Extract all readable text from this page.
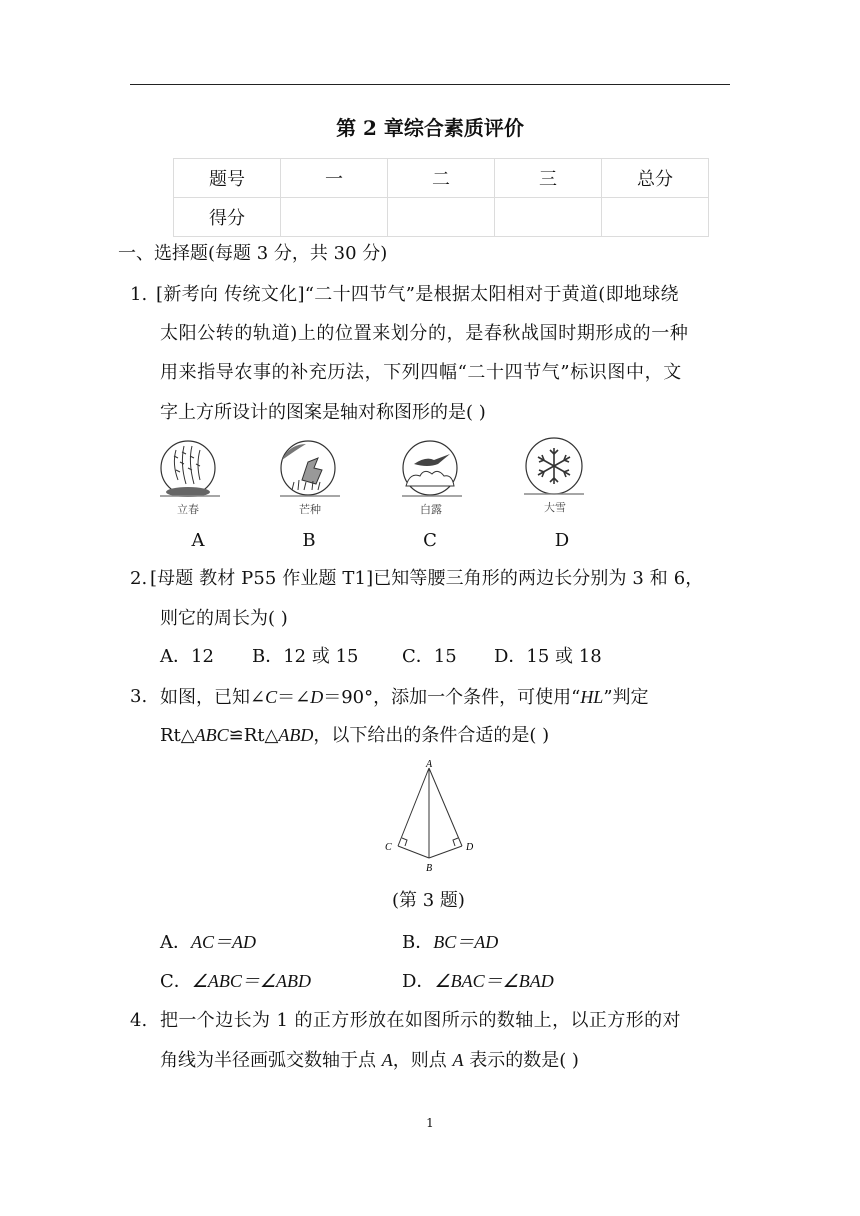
第 2 章综合素质评价
题号	一	二	三	总分
得分				
一、选择题(每题 3 分，共 30 分)
1. [新考向 传统文化]“二十四节气”是根据太阳相对于黄道(即地球绕
太阳公转的轨道)上的位置来划分的，是春秋战国时期形成的一种
用来指导农事的补充历法，下列四幅“二十四节气”标识图中，文
字上方所设计的图案是轴对称图形的是( )
立春
A
芒种
B
白露
C
大雪
D
2. [母题 教材 P55 作业题 T1]已知等腰三角形的两边长分别为 3 和 6，
则它的周长为( )
A．12 B．12 或 15 C．15 D．15 或 18
3. 如图，已知∠C＝∠D＝90°，添加一个条件，可使用“HL”判定
Rt△ABC≌Rt△ABD，以下给出的条件合适的是( )
A
C
B
D
(第 3 题)
A．AC＝AD	B．BC＝AD
C．∠ABC＝∠ABD	D．∠BAC＝∠BAD
4. 把一个边长为 1 的正方形放在如图所示的数轴上，以正方形的对
角线为半径画弧交数轴于点 A，则点 A 表示的数是( )
1
